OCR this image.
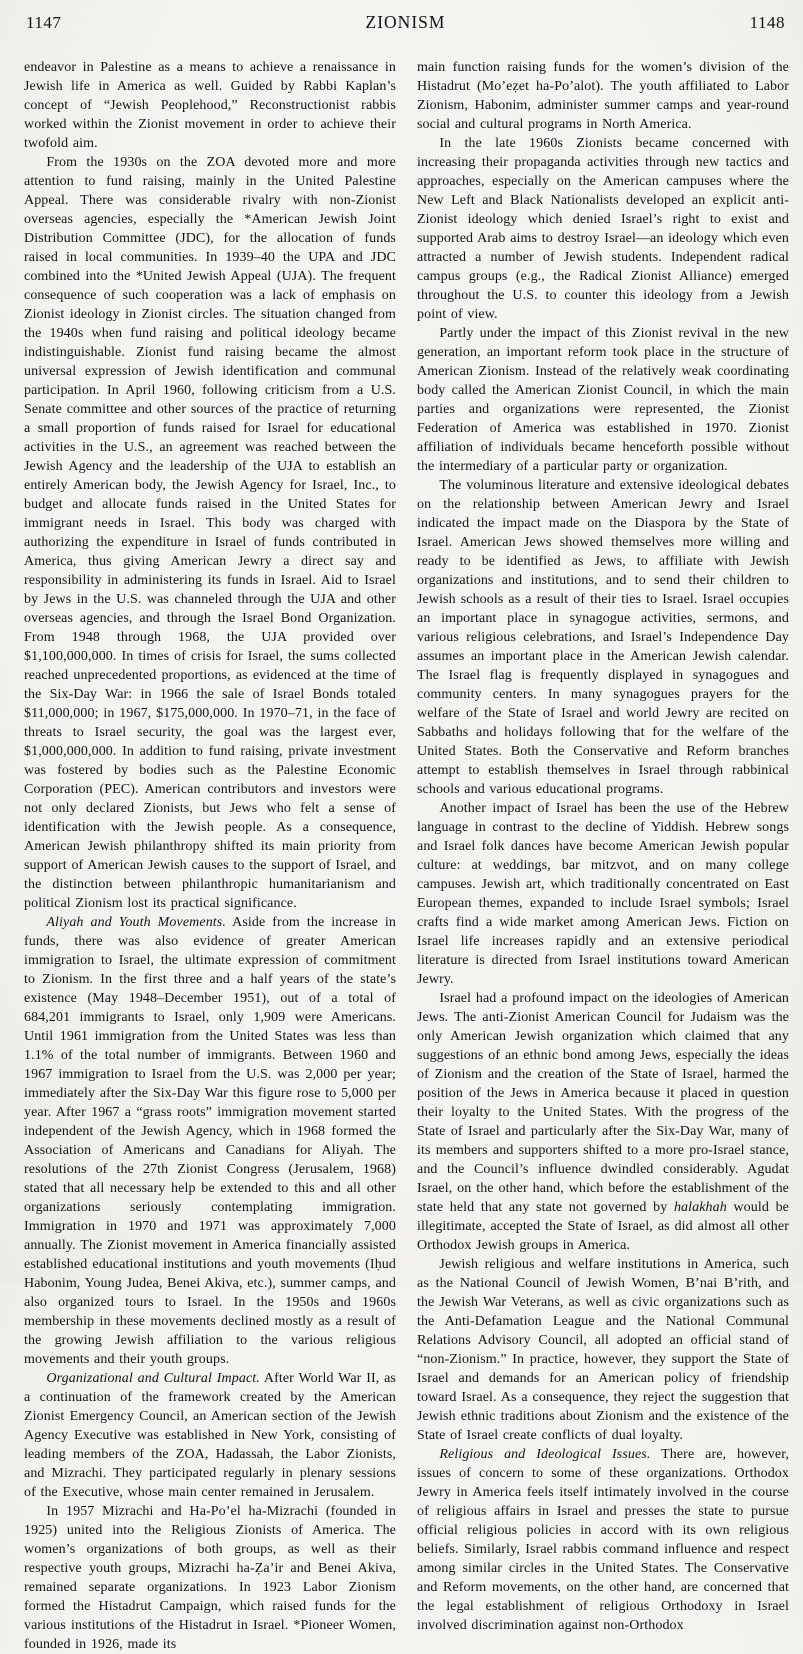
1147	ZIONISM	1148

endeavor in Palestine as a means to achieve a renaissance in Jewish life in America as well. Guided by Rabbi Kaplan’s concept of “Jewish Peoplehood,” Reconstructionist rabbis worked within the Zionist movement in order to achieve their twofold aim.

From the 1930s on the ZOA devoted more and more attention to fund raising, mainly in the United Palestine Appeal. There was considerable rivalry with non-Zionist overseas agencies, especially the *American Jewish Joint Distribution Committee (JDC), for the allocation of funds raised in local communities. In 1939–40 the UPA and JDC combined into the *United Jewish Appeal (UJA). The frequent consequence of such cooperation was a lack of emphasis on Zionist ideology in Zionist circles. The situation changed from the 1940s when fund raising and political ideology became indistinguishable. Zionist fund raising became the almost universal expression of Jewish identification and communal participation. In April 1960, following criticism from a U.S. Senate committee and other sources of the practice of returning a small proportion of funds raised for Israel for educational activities in the U.S., an agreement was reached between the Jewish Agency and the leadership of the UJA to establish an entirely American body, the Jewish Agency for Israel, Inc., to budget and allocate funds raised in the United States for immigrant needs in Israel. This body was charged with authorizing the expenditure in Israel of funds contributed in America, thus giving American Jewry a direct say and responsibility in administering its funds in Israel. Aid to Israel by Jews in the U.S. was channeled through the UJA and other overseas agencies, and through the Israel Bond Organization. From 1948 through 1968, the UJA provided over $1,100,000,000. In times of crisis for Israel, the sums collected reached unprecedented proportions, as evidenced at the time of the Six-Day War: in 1966 the sale of Israel Bonds totaled $11,000,000; in 1967, $175,000,000. In 1970–71, in the face of threats to Israel security, the goal was the largest ever, $1,000,000,000. In addition to fund raising, private investment was fostered by bodies such as the Palestine Economic Corporation (PEC). American contributors and investors were not only declared Zionists, but Jews who felt a sense of identification with the Jewish people. As a consequence, American Jewish philanthropy shifted its main priority from support of American Jewish causes to the support of Israel, and the distinction between philanthropic humanitarianism and political Zionism lost its practical significance.

Aliyah and Youth Movements. Aside from the increase in funds, there was also evidence of greater American immigration to Israel, the ultimate expression of commitment to Zionism. In the first three and a half years of the state’s existence (May 1948–December 1951), out of a total of 684,201 immigrants to Israel, only 1,909 were Americans. Until 1961 immigration from the United States was less than 1.1% of the total number of immigrants. Between 1960 and 1967 immigration to Israel from the U.S. was 2,000 per year; immediately after the Six-Day War this figure rose to 5,000 per year. After 1967 a “grass roots” immigration movement started independent of the Jewish Agency, which in 1968 formed the Association of Americans and Canadians for Aliyah. The resolutions of the 27th Zionist Congress (Jerusalem, 1968) stated that all necessary help be extended to this and all other organizations seriously contemplating immigration. Immigration in 1970 and 1971 was approximately 7,000 annually. The Zionist movement in America financially assisted established educational institutions and youth movements (Iḥud Habonim, Young Judea, Benei Akiva, etc.), summer camps, and also organized tours to Israel. In the 1950s and 1960s membership in these movements declined mostly as a result of the growing Jewish affiliation to the various religious movements and their youth groups.

Organizational and Cultural Impact. After World War II, as a continuation of the framework created by the American Zionist Emergency Council, an American section of the Jewish Agency Executive was established in New York, consisting of leading members of the ZOA, Hadassah, the Labor Zionists, and Mizrachi. They participated regularly in plenary sessions of the Executive, whose main center remained in Jerusalem.

In 1957 Mizrachi and Ha-Po’el ha-Mizrachi (founded in 1925) united into the Religious Zionists of America. The women’s organizations of both groups, as well as their respective youth groups, Mizrachi ha-Ẓa’ir and Benei Akiva, remained separate organizations. In 1923 Labor Zionism formed the Histadrut Campaign, which raised funds for the various institutions of the Histadrut in Israel. *Pioneer Women, founded in 1926, made its

main function raising funds for the women’s division of the Histadrut (Mo’eẓet ha-Po’alot). The youth affiliated to Labor Zionism, Habonim, administer summer camps and year-round social and cultural programs in North America.

In the late 1960s Zionists became concerned with increasing their propaganda activities through new tactics and approaches, especially on the American campuses where the New Left and Black Nationalists developed an explicit anti-Zionist ideology which denied Israel’s right to exist and supported Arab aims to destroy Israel—an ideology which even attracted a number of Jewish students. Independent radical campus groups (e.g., the Radical Zionist Alliance) emerged throughout the U.S. to counter this ideology from a Jewish point of view.

Partly under the impact of this Zionist revival in the new generation, an important reform took place in the structure of American Zionism. Instead of the relatively weak coordinating body called the American Zionist Council, in which the main parties and organizations were represented, the Zionist Federation of America was established in 1970. Zionist affiliation of individuals became henceforth possible without the intermediary of a particular party or organization.

The voluminous literature and extensive ideological debates on the relationship between American Jewry and Israel indicated the impact made on the Diaspora by the State of Israel. American Jews showed themselves more willing and ready to be identified as Jews, to affiliate with Jewish organizations and institutions, and to send their children to Jewish schools as a result of their ties to Israel. Israel occupies an important place in synagogue activities, sermons, and various religious celebrations, and Israel’s Independence Day assumes an important place in the American Jewish calendar. The Israel flag is frequently displayed in synagogues and community centers. In many synagogues prayers for the welfare of the State of Israel and world Jewry are recited on Sabbaths and holidays following that for the welfare of the United States. Both the Conservative and Reform branches attempt to establish themselves in Israel through rabbinical schools and various educational programs.

Another impact of Israel has been the use of the Hebrew language in contrast to the decline of Yiddish. Hebrew songs and Israel folk dances have become American Jewish popular culture: at weddings, bar mitzvot, and on many college campuses. Jewish art, which traditionally concentrated on East European themes, expanded to include Israel symbols; Israel crafts find a wide market among American Jews. Fiction on Israel life increases rapidly and an extensive periodical literature is directed from Israel institutions toward American Jewry.

Israel had a profound impact on the ideologies of American Jews. The anti-Zionist American Council for Judaism was the only American Jewish organization which claimed that any suggestions of an ethnic bond among Jews, especially the ideas of Zionism and the creation of the State of Israel, harmed the position of the Jews in America because it placed in question their loyalty to the United States. With the progress of the State of Israel and particularly after the Six-Day War, many of its members and supporters shifted to a more pro-Israel stance, and the Council’s influence dwindled considerably. Agudat Israel, on the other hand, which before the establishment of the state held that any state not governed by halakhah would be illegitimate, accepted the State of Israel, as did almost all other Orthodox Jewish groups in America.

Jewish religious and welfare institutions in America, such as the National Council of Jewish Women, B’nai B’rith, and the Jewish War Veterans, as well as civic organizations such as the Anti-Defamation League and the National Communal Relations Advisory Council, all adopted an official stand of “non-Zionism.” In practice, however, they support the State of Israel and demands for an American policy of friendship toward Israel. As a consequence, they reject the suggestion that Jewish ethnic traditions about Zionism and the existence of the State of Israel create conflicts of dual loyalty.

Religious and Ideological Issues. There are, however, issues of concern to some of these organizations. Orthodox Jewry in America feels itself intimately involved in the course of religious affairs in Israel and presses the state to pursue official religious policies in accord with its own religious beliefs. Similarly, Israel rabbis command influence and respect among similar circles in the United States. The Conservative and Reform movements, on the other hand, are concerned that the legal establishment of religious Orthodoxy in Israel involved discrimination against non-Orthodox
